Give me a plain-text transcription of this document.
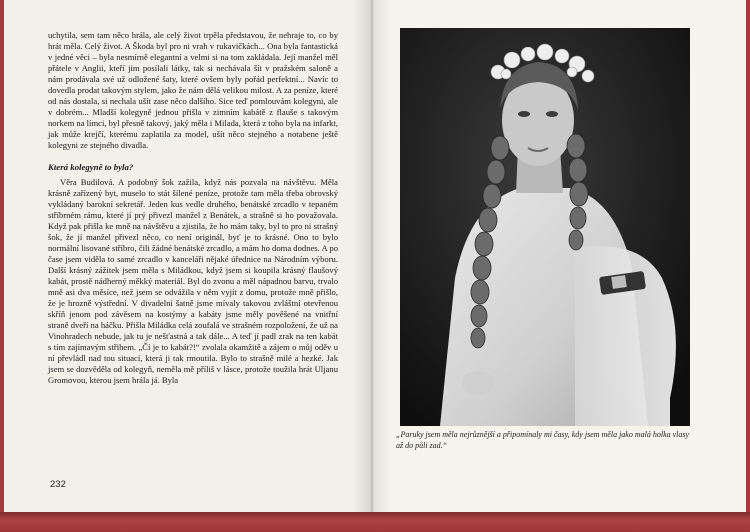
uchytila, sem tam něco hrála, ale celý život trpěla představou, že nehraje to, co by hrát měla. Celý život. A Škoda byl pro ni vrah v rukavičkách... Ona byla fantastická v jedné věci – byla nesmírně elegantní a velmi si na tom zakládala. Její manžel měl přátele v Anglii, kteří jim posílali látky, tak si nechávala šít v pražském saloně a nám prodávala své už odložené šaty, které ovšem byly pořád perfektní... Navíc to dovedla prodat takovým stylem, jako že nám dělá velikou milost. A za peníze, které od nás dostala, si nechala ušít zase něco dalšího. Sice teď pomlouvám kolegyni, ale v dobrém... Mladší kolegyně jednou přišla v zimním kabátě z flauše s takovým norkem na límci, byl přesně takový, jaký měla i Milada, která z toho byla na infarkt, jak může krejčí, kterému zaplatila za model, ušít něco stejného a notabene ještě kolegyni ze stejného divadla.

Která kolegyně to byla?

Věra Budilová. A podobný šok zažila, když nás pozvala na návštěvu. Měla krásně zařízený byt, muselo to stát šílené peníze, protože tam měla třeba obrovský vykládaný barokní sekretář. Jeden kus vedle druhého, benátské zrcadlo v tepaném stříbrném rámu, které jí prý přivezl manžel z Benátek, a strašně si ho považovala. Když pak přišla ke mně na návštěvu a zjistila, že ho mám taky, byl to pro ni strašný šok, že jí manžel přivezl něco, co není originál, byť je to krásné. Ono to bylo normální lisované stříbro, čili žádné benátské zrcadlo, a mám ho doma dodnes. A po čase jsem viděla to samé zrcadlo v kanceláři nějaké úřednice na Národním výboru. Další krásný zážitek jsem měla s Miládkou, když jsem si koupila krásný flaušový kabát, prostě nádherný měkký materiál. Byl do zvonu a měl nápadnou barvu, trvalo mně asi dva měsíce, než jsem se odvážila v něm vyjít z domu, protože mně přišlo, že je hrozně výstřední. V divadelní šatně jsme mívaly takovou zvláštní otevřenou skříň jenom pod závěsem na kostýmy a kabáty jsme měly pověšené na vnitřní straně dveří na háčku. Přišla Miládka celá zoufalá ve strašném rozpoložení, že už na Vinohradech nebude, jak tu je nešťastná a tak dále... A teď jí padl zrak na ten kabát s tím zajímavým střihem. „Čí je to kabát?!“ zvolala okamžitě a zájem o můj oděv u ní převládl nad tou situací, která ji tak rmoutila. Bylo to strašně milé a hezké. Jak jsem se dozvěděla od kolegyň, neměla mě příliš v lásce, protože toužila hrát Uljanu Gromovou, kterou jsem hrála já. Byla

232
„Paruky jsem měla nejrůznější a připomínaly mi časy, kdy jsem měla jako malá holka vlasy až do půli zad.“
